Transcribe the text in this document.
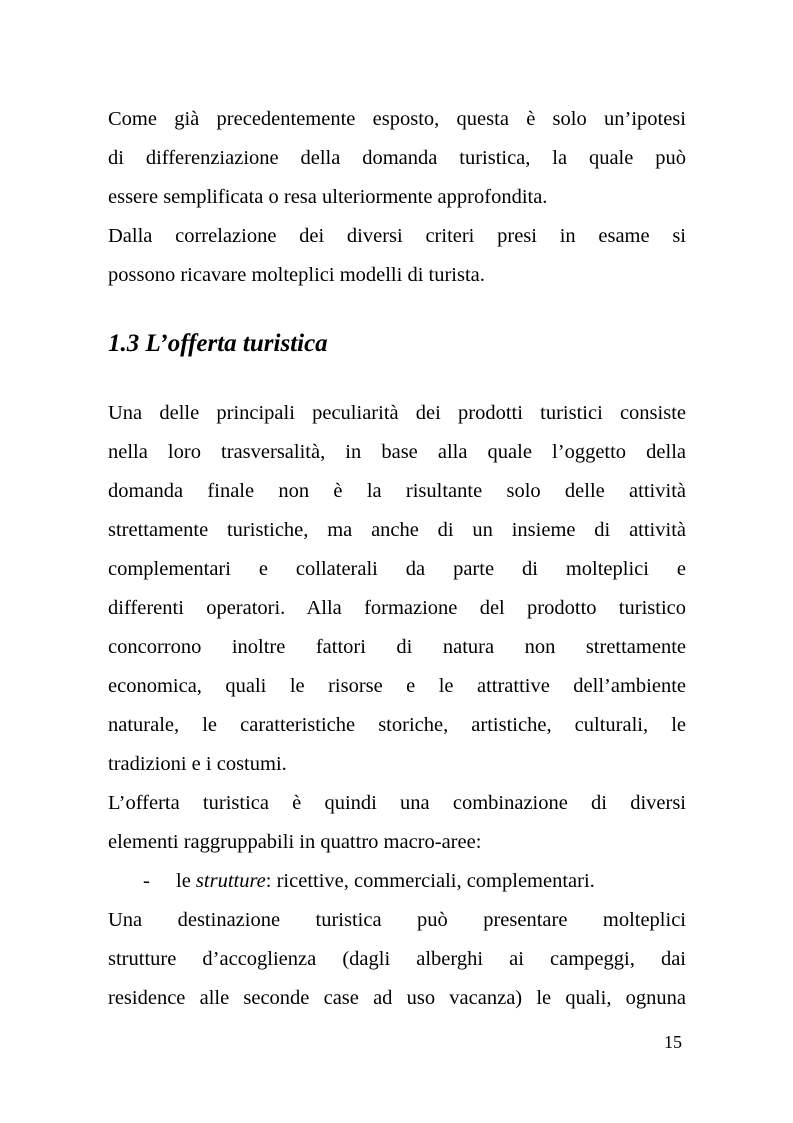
Come già precedentemente esposto, questa è solo un’ipotesi
di differenziazione della domanda turistica, la quale può
essere semplificata o resa ulteriormente approfondita.
Dalla correlazione dei diversi criteri presi in esame si
possono ricavare molteplici modelli di turista.
1.3 L’offerta turistica
Una delle principali peculiarità dei prodotti turistici consiste
nella loro trasversalità, in base alla quale l’oggetto della
domanda finale non è la risultante solo delle attività
strettamente turistiche, ma anche di un insieme di attività
complementari e collaterali da parte di molteplici e
differenti operatori. Alla formazione del prodotto turistico
concorrono inoltre fattori di natura non strettamente
economica, quali le risorse e le attrattive dell’ambiente
naturale, le caratteristiche storiche, artistiche, culturali, le
tradizioni e i costumi.
L’offerta turistica è quindi una combinazione di diversi
elementi raggruppabili in quattro macro-aree:
- le strutture: ricettive, commerciali, complementari.
Una destinazione turistica può presentare molteplici
strutture d’accoglienza (dagli alberghi ai campeggi, dai
residence alle seconde case ad uso vacanza) le quali, ognuna
15
